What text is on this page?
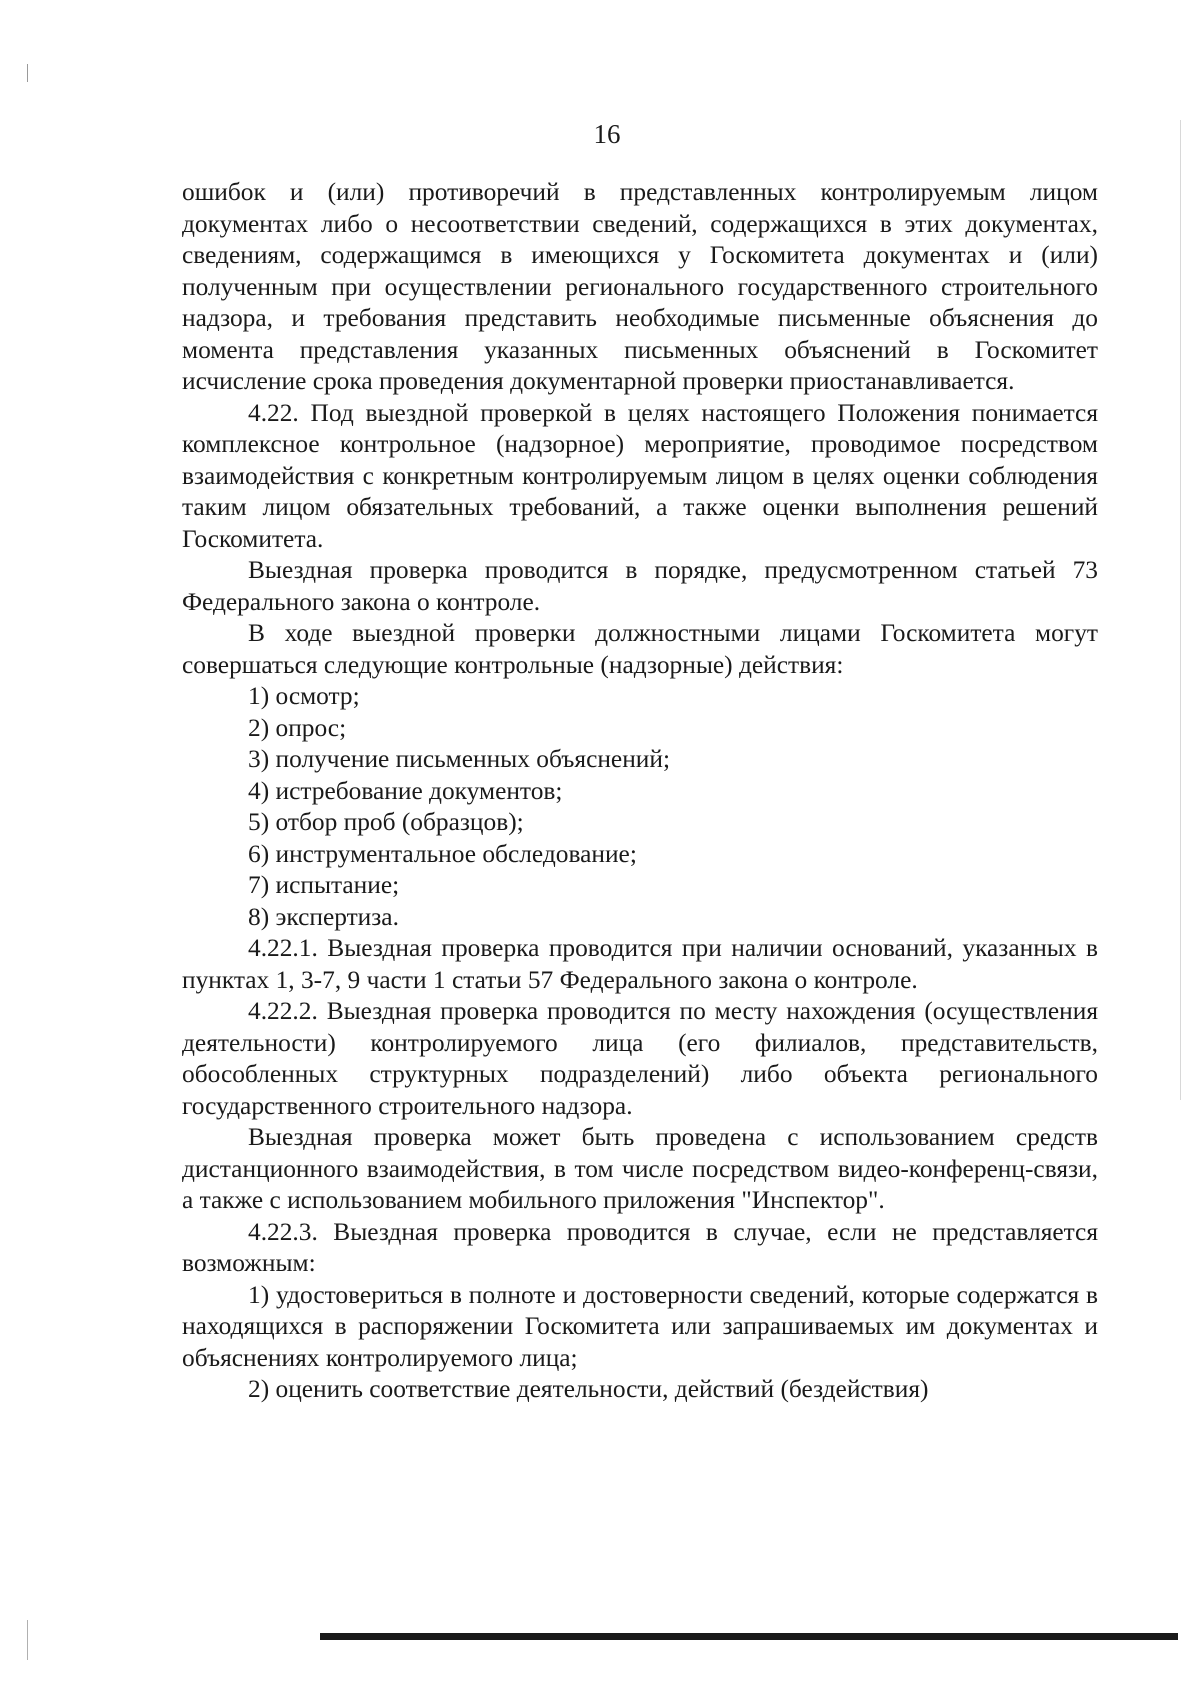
16

ошибок и (или) противоречий в представленных контролируемым лицом документах либо о несоответствии сведений, содержащихся в этих документах, сведениям, содержащимся в имеющихся у Госкомитета документах и (или) полученным при осуществлении регионального государственного строительного надзора, и требования представить необходимые письменные объяснения до момента представления указанных письменных объяснений в Госкомитет исчисление срока проведения документарной проверки приостанавливается.

4.22. Под выездной проверкой в целях настоящего Положения понимается комплексное контрольное (надзорное) мероприятие, проводимое посредством взаимодействия с конкретным контролируемым лицом в целях оценки соблюдения таким лицом обязательных требований, а также оценки выполнения решений Госкомитета.

Выездная проверка проводится в порядке, предусмотренном статьей 73 Федерального закона о контроле.

В ходе выездной проверки должностными лицами Госкомитета могут совершаться следующие контрольные (надзорные) действия:

1) осмотр;

2) опрос;

3) получение письменных объяснений;

4) истребование документов;

5) отбор проб (образцов);

6) инструментальное обследование;

7) испытание;

8) экспертиза.

4.22.1. Выездная проверка проводится при наличии оснований, указанных в пунктах 1, 3-7, 9 части 1 статьи 57 Федерального закона о контроле.

4.22.2. Выездная проверка проводится по месту нахождения (осуществления деятельности) контролируемого лица (его филиалов, представительств, обособленных структурных подразделений) либо объекта регионального государственного строительного надзора.

Выездная проверка может быть проведена с использованием средств дистанционного взаимодействия, в том числе посредством видео-конференц-связи, а также с использованием мобильного приложения "Инспектор".

4.22.3. Выездная проверка проводится в случае, если не представляется возможным:

1) удостовериться в полноте и достоверности сведений, которые содержатся в находящихся в распоряжении Госкомитета или запрашиваемых им документах и объяснениях контролируемого лица;

2) оценить соответствие деятельности, действий (бездействия)
